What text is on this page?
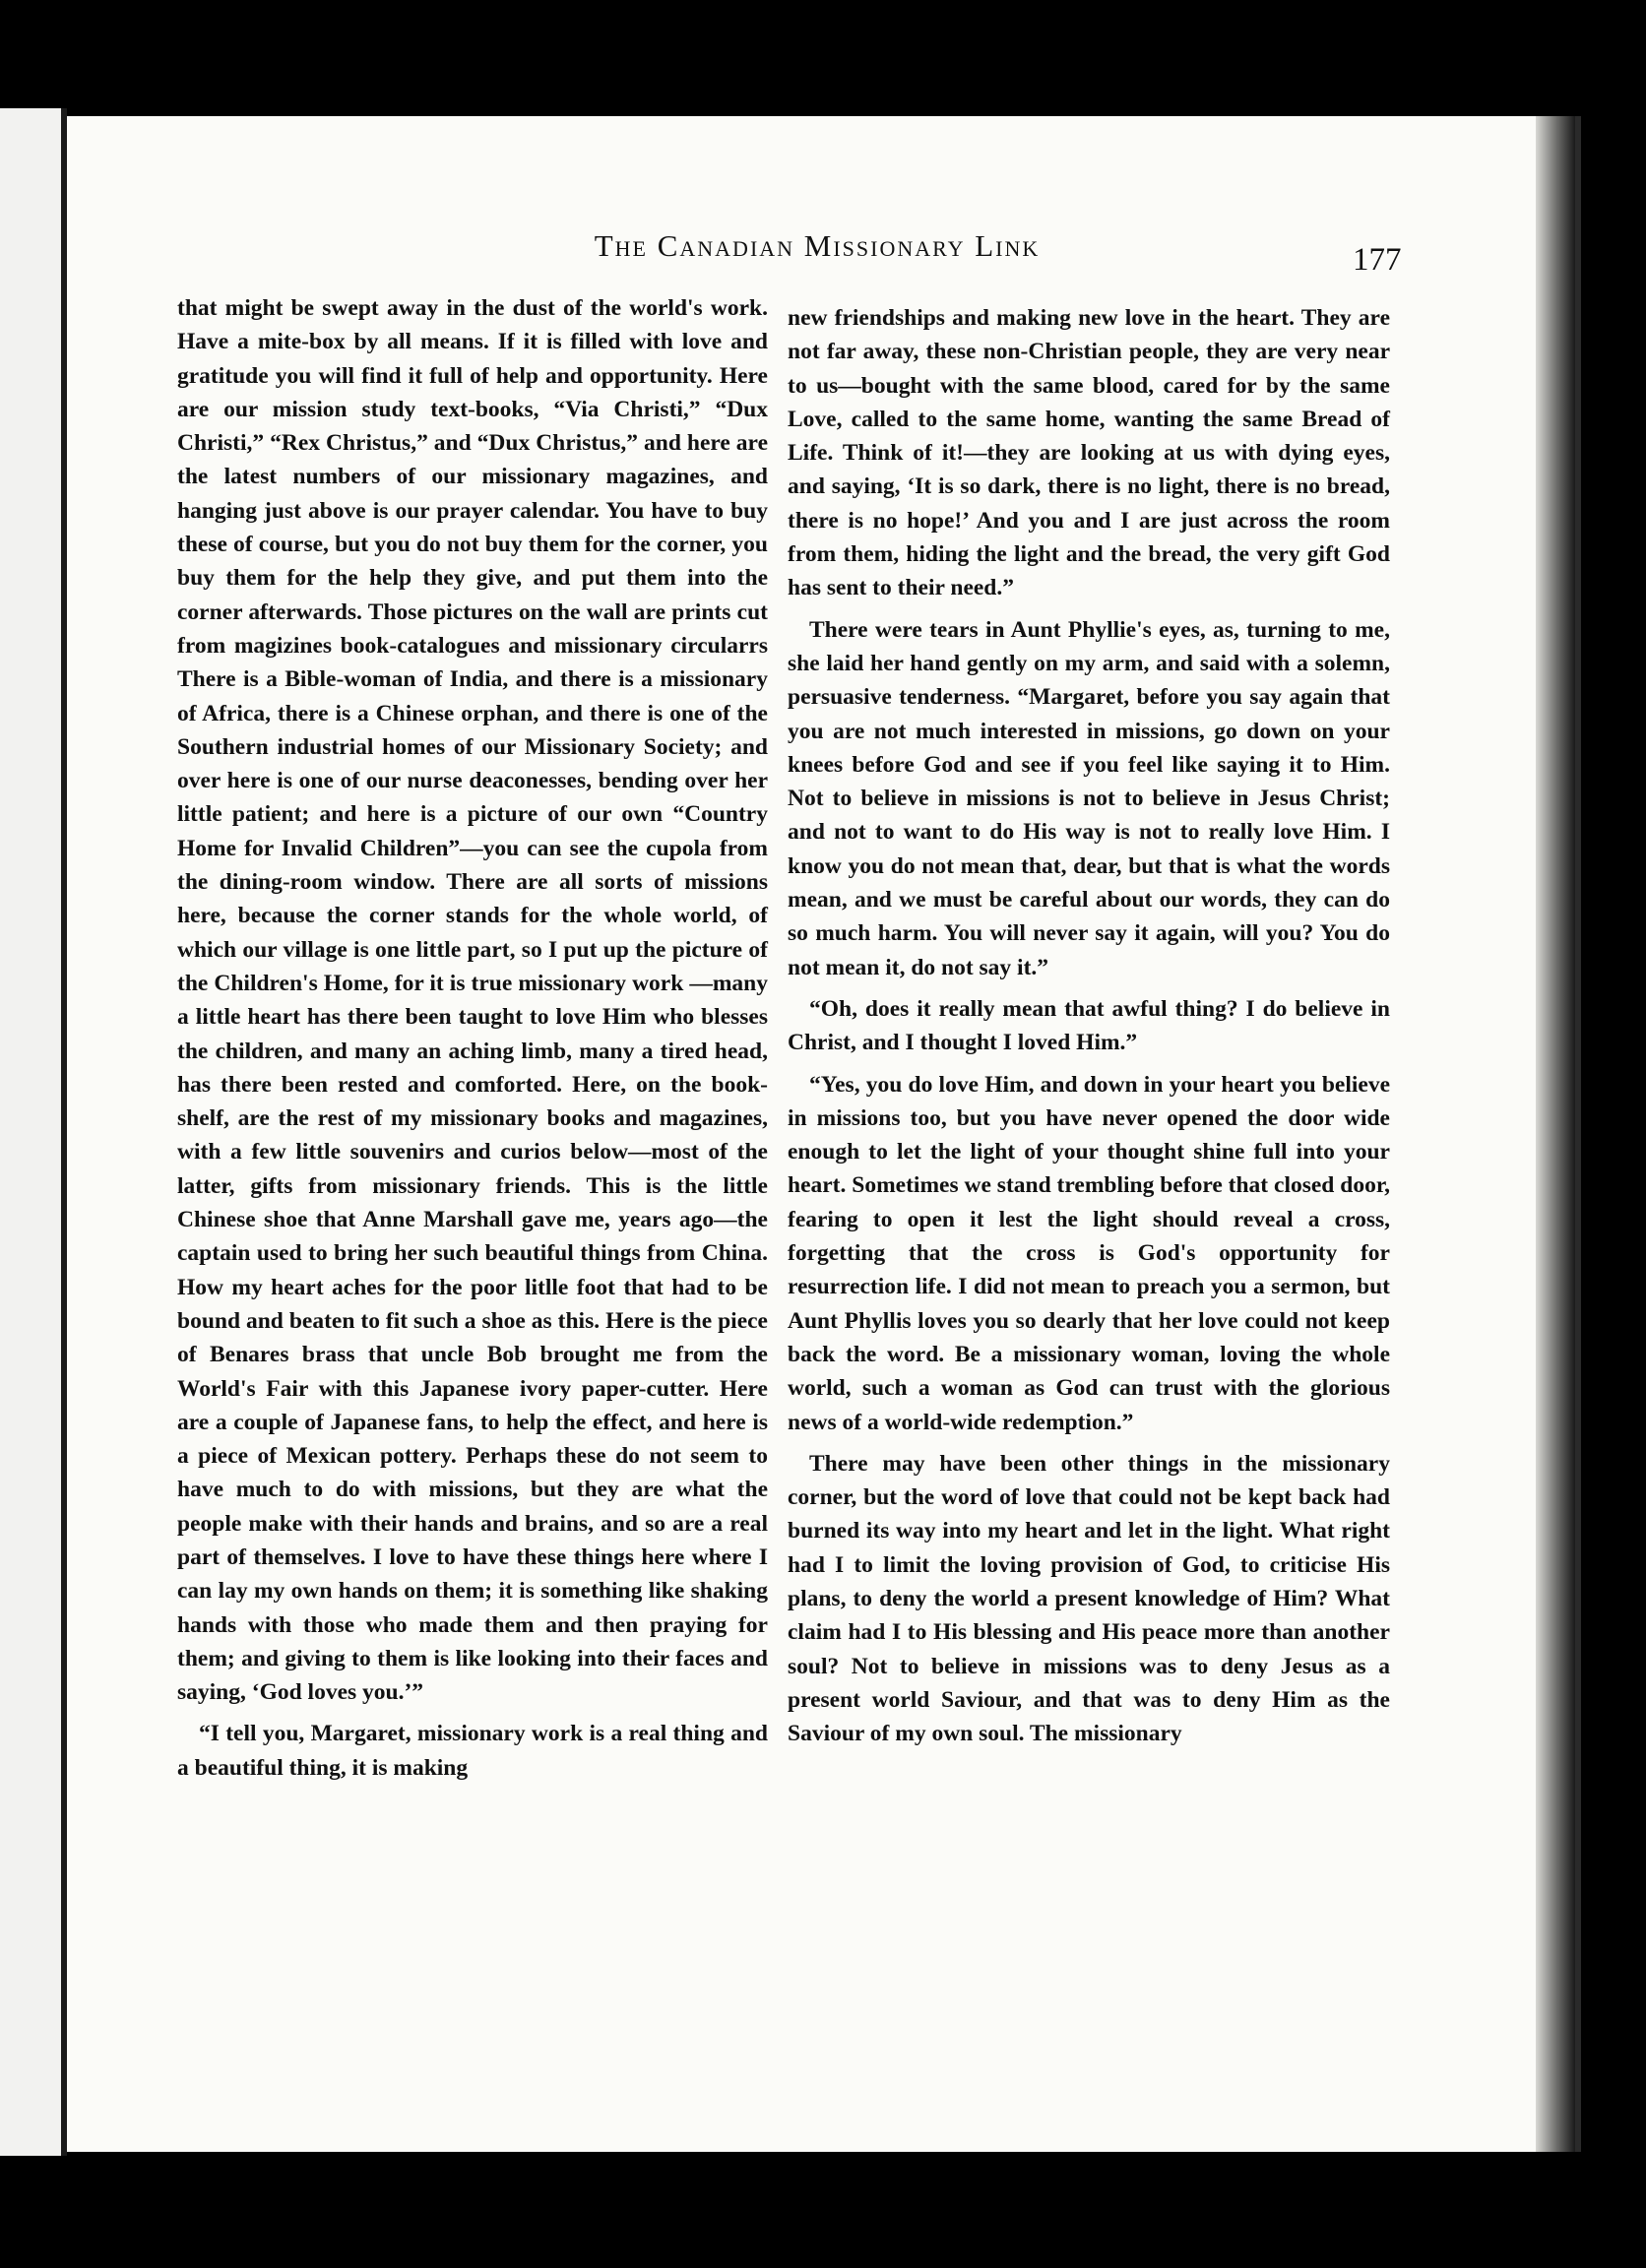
The Canadian Missionary Link	177

that might be swept away in the dust of the world's work. Have a mite-box by all means. If it is filled with love and gratitude you will find it full of help and opportunity. Here are our mission study text-books, “Via Christi,” “Dux Christi,” “Rex Christus,” and “Dux Christus,” and here are the latest numbers of our missionary magazines, and hanging just above is our prayer calendar. You have to buy these of course, but you do not buy them for the corner, you buy them for the help they give, and put them into the corner afterwards. Those pictures on the wall are prints cut from magizines book-catalogues and missionary circularrs There is a Bible-woman of India, and there is a missionary of Africa, there is a Chinese orphan, and there is one of the Southern industrial homes of our Missionary Society; and over here is one of our nurse deaconesses, bending over her little patient; and here is a picture of our own “Country Home for Invalid Children”—you can see the cupola from the dining-room window. There are all sorts of missions here, because the corner stands for the whole world, of which our village is one little part, so I put up the picture of the Children's Home, for it is true missionary work —many a little heart has there been taught to love Him who blesses the children, and many an aching limb, many a tired head, has there been rested and comforted. Here, on the book-shelf, are the rest of my missionary books and magazines, with a few little souvenirs and curios below—most of the latter, gifts from missionary friends. This is the little Chinese shoe that Anne Marshall gave me, years ago—the captain used to bring her such beautiful things from China. How my heart aches for the poor litlle foot that had to be bound and beaten to fit such a shoe as this. Here is the piece of Benares brass that uncle Bob brought me from the World's Fair with this Japanese ivory paper-cutter. Here are a couple of Japanese fans, to help the effect, and here is a piece of Mexican pottery. Perhaps these do not seem to have much to do with missions, but they are what the people make with their hands and brains, and so are a real part of themselves. I love to have these things here where I can lay my own hands on them; it is something like shaking hands with those who made them and then praying for them; and giving to them is like looking into their faces and saying, ‘God loves you.’”

“I tell you, Margaret, missionary work is a real thing and a beautiful thing, it is making

new friendships and making new love in the heart. They are not far away, these non-Christian people, they are very near to us—bought with the same blood, cared for by the same Love, called to the same home, wanting the same Bread of Life. Think of it!—they are looking at us with dying eyes, and saying, ‘It is so dark, there is no light, there is no bread, there is no hope!’ And you and I are just across the room from them, hiding the light and the bread, the very gift God has sent to their need.”

There were tears in Aunt Phyllie's eyes, as, turning to me, she laid her hand gently on my arm, and said with a solemn, persuasive tenderness. “Margaret, before you say again that you are not much interested in missions, go down on your knees before God and see if you feel like saying it to Him. Not to believe in missions is not to believe in Jesus Christ; and not to want to do His way is not to really love Him. I know you do not mean that, dear, but that is what the words mean, and we must be careful about our words, they can do so much harm. You will never say it again, will you? You do not mean it, do not say it.”

“Oh, does it really mean that awful thing? I do believe in Christ, and I thought I loved Him.”

“Yes, you do love Him, and down in your heart you believe in missions too, but you have never opened the door wide enough to let the light of your thought shine full into your heart. Sometimes we stand trembling before that closed door, fearing to open it lest the light should reveal a cross, forgetting that the cross is God's opportunity for resurrection life. I did not mean to preach you a sermon, but Aunt Phyllis loves you so dearly that her love could not keep back the word. Be a missionary woman, loving the whole world, such a woman as God can trust with the glorious news of a world-wide redemption.”

There may have been other things in the missionary corner, but the word of love that could not be kept back had burned its way into my heart and let in the light. What right had I to limit the loving provision of God, to criticise His plans, to deny the world a present knowledge of Him? What claim had I to His blessing and His peace more than another soul? Not to believe in missions was to deny Jesus as a present world Saviour, and that was to deny Him as the Saviour of my own soul. The missionary
